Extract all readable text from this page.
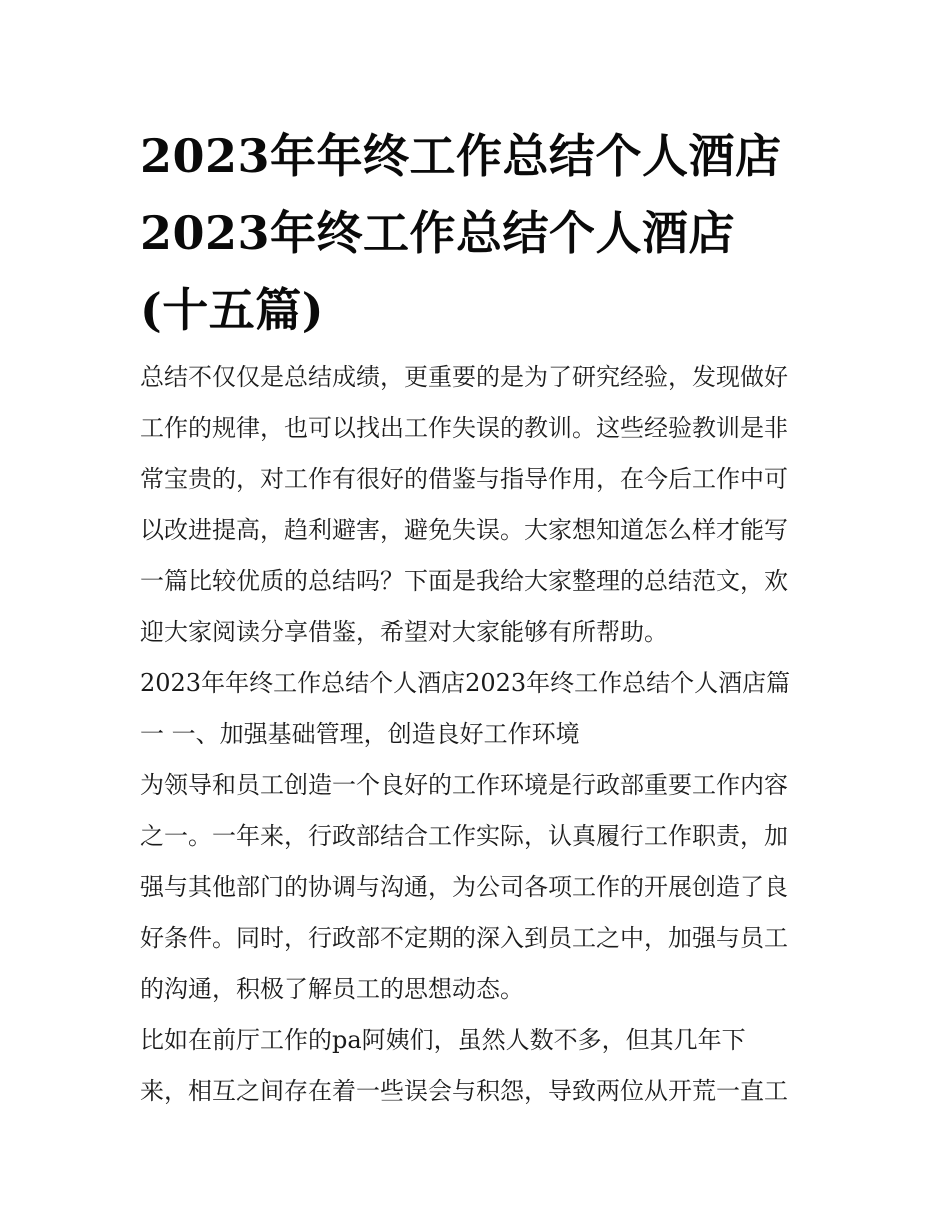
2023年年终工作总结个人酒店
2023年终工作总结个人酒店
(十五篇)

总结不仅仅是总结成绩，更重要的是为了研究经验，发现做好
工作的规律，也可以找出工作失误的教训。这些经验教训是非
常宝贵的，对工作有很好的借鉴与指导作用，在今后工作中可
以改进提高，趋利避害，避免失误。大家想知道怎么样才能写
一篇比较优质的总结吗？下面是我给大家整理的总结范文，欢
迎大家阅读分享借鉴，希望对大家能够有所帮助。

2023年年终工作总结个人酒店2023年终工作总结个人酒店篇
一 一、加强基础管理，创造良好工作环境

为领导和员工创造一个良好的工作环境是行政部重要工作内容
之一。一年来，行政部结合工作实际，认真履行工作职责，加
强与其他部门的协调与沟通，为公司各项工作的开展创造了良
好条件。同时，行政部不定期的深入到员工之中，加强与员工
的沟通，积极了解员工的思想动态。

比如在前厅工作的pa阿姨们，虽然人数不多，但其几年下
来，相互之间存在着一些误会与积怨，导致两位从开荒一直工
